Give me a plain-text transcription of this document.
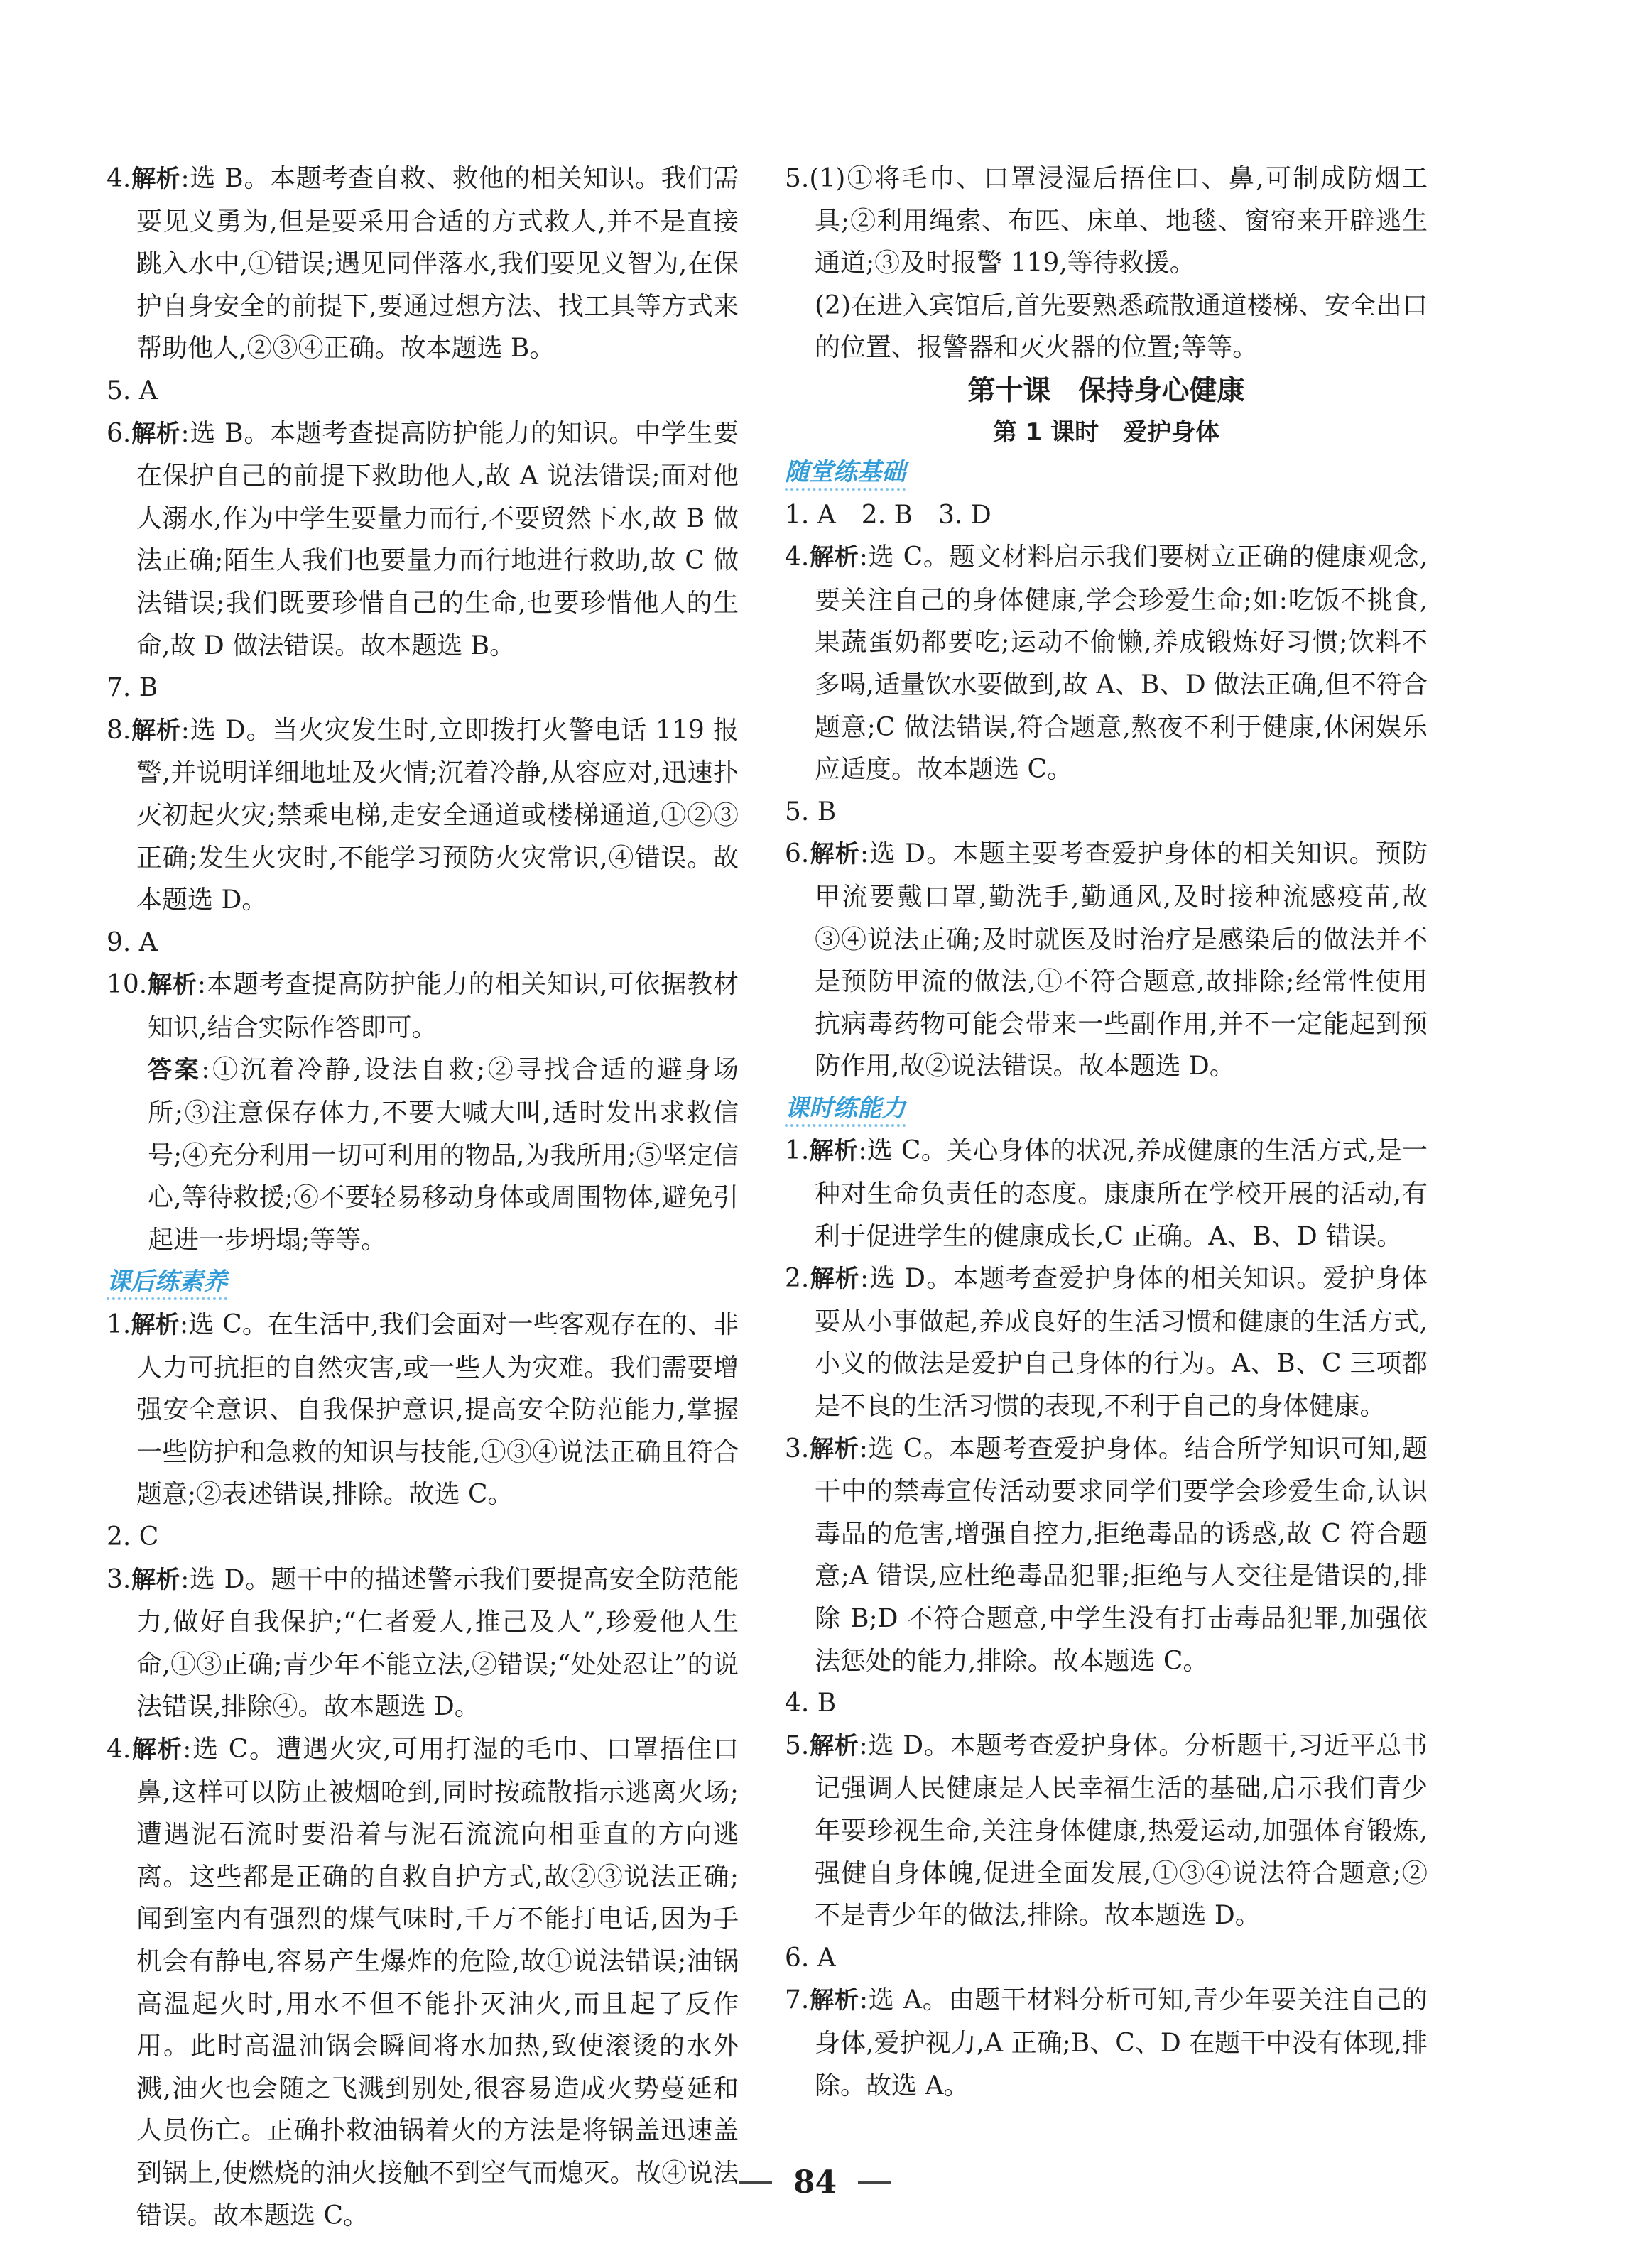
4.解析:选 B。本题考查自救、救他的相关知识。我们需要见义勇为,但是要采用合适的方式救人,并不是直接跳入水中,①错误;遇见同伴落水,我们要见义智为,在保护自身安全的前提下,要通过想方法、找工具等方式来帮助他人,②③④正确。故本题选 B。
5. A
6.解析:选 B。本题考查提高防护能力的知识。中学生要在保护自己的前提下救助他人,故 A 说法错误;面对他人溺水,作为中学生要量力而行,不要贸然下水,故 B 做法正确;陌生人我们也要量力而行地进行救助,故 C 做法错误;我们既要珍惜自己的生命,也要珍惜他人的生命,故 D 做法错误。故本题选 B。
7. B
8.解析:选 D。当火灾发生时,立即拨打火警电话 119 报警,并说明详细地址及火情;沉着冷静,从容应对,迅速扑灭初起火灾;禁乘电梯,走安全通道或楼梯通道,①②③正确;发生火灾时,不能学习预防火灾常识,④错误。故本题选 D。
9. A
10.解析:本题考查提高防护能力的相关知识,可依据教材知识,结合实际作答即可。
答案:①沉着冷静,设法自救;②寻找合适的避身场所;③注意保存体力,不要大喊大叫,适时发出求救信号;④充分利用一切可利用的物品,为我所用;⑤坚定信心,等待救援;⑥不要轻易移动身体或周围物体,避免引起进一步坍塌;等等。
课后练素养
1.解析:选 C。在生活中,我们会面对一些客观存在的、非人力可抗拒的自然灾害,或一些人为灾难。我们需要增强安全意识、自我保护意识,提高安全防范能力,掌握一些防护和急救的知识与技能,①③④说法正确且符合题意;②表述错误,排除。故选 C。
2. C
3.解析:选 D。题干中的描述警示我们要提高安全防范能力,做好自我保护;“仁者爱人,推己及人”,珍爱他人生命,①③正确;青少年不能立法,②错误;“处处忍让”的说法错误,排除④。故本题选 D。
4.解析:选 C。遭遇火灾,可用打湿的毛巾、口罩捂住口鼻,这样可以防止被烟呛到,同时按疏散指示逃离火场;遭遇泥石流时要沿着与泥石流流向相垂直的方向逃离。这些都是正确的自救自护方式,故②③说法正确;闻到室内有强烈的煤气味时,千万不能打电话,因为手机会有静电,容易产生爆炸的危险,故①说法错误;油锅高温起火时,用水不但不能扑灭油火,而且起了反作用。此时高温油锅会瞬间将水加热,致使滚烫的水外溅,油火也会随之飞溅到别处,很容易造成火势蔓延和人员伤亡。正确扑救油锅着火的方法是将锅盖迅速盖到锅上,使燃烧的油火接触不到空气而熄灭。故④说法错误。故本题选 C。
5.(1)①将毛巾、口罩浸湿后捂住口、鼻,可制成防烟工具;②利用绳索、布匹、床单、地毯、窗帘来开辟逃生通道;③及时报警 119,等待救援。
(2)在进入宾馆后,首先要熟悉疏散通道楼梯、安全出口的位置、报警器和灭火器的位置;等等。
第十课　保持身心健康
第 1 课时　爱护身体
随堂练基础
1. A　2. B　3. D
4.解析:选 C。题文材料启示我们要树立正确的健康观念,要关注自己的身体健康,学会珍爱生命;如:吃饭不挑食,果蔬蛋奶都要吃;运动不偷懒,养成锻炼好习惯;饮料不多喝,适量饮水要做到,故 A、B、D 做法正确,但不符合题意;C 做法错误,符合题意,熬夜不利于健康,休闲娱乐应适度。故本题选 C。
5. B
6.解析:选 D。本题主要考查爱护身体的相关知识。预防甲流要戴口罩,勤洗手,勤通风,及时接种流感疫苗,故③④说法正确;及时就医及时治疗是感染后的做法并不是预防甲流的做法,①不符合题意,故排除;经常性使用抗病毒药物可能会带来一些副作用,并不一定能起到预防作用,故②说法错误。故本题选 D。
课时练能力
1.解析:选 C。关心身体的状况,养成健康的生活方式,是一种对生命负责任的态度。康康所在学校开展的活动,有利于促进学生的健康成长,C 正确。A、B、D 错误。
2.解析:选 D。本题考查爱护身体的相关知识。爱护身体要从小事做起,养成良好的生活习惯和健康的生活方式,小义的做法是爱护自己身体的行为。A、B、C 三项都是不良的生活习惯的表现,不利于自己的身体健康。
3.解析:选 C。本题考查爱护身体。结合所学知识可知,题干中的禁毒宣传活动要求同学们要学会珍爱生命,认识毒品的危害,增强自控力,拒绝毒品的诱惑,故 C 符合题意;A 错误,应杜绝毒品犯罪;拒绝与人交往是错误的,排除 B;D 不符合题意,中学生没有打击毒品犯罪,加强依法惩处的能力,排除。故本题选 C。
4. B
5.解析:选 D。本题考查爱护身体。分析题干,习近平总书记强调人民健康是人民幸福生活的基础,启示我们青少年要珍视生命,关注身体健康,热爱运动,加强体育锻炼,强健自身体魄,促进全面发展,①③④说法符合题意;②不是青少年的做法,排除。故本题选 D。
6. A
7.解析:选 A。由题干材料分析可知,青少年要关注自己的身体,爱护视力,A 正确;B、C、D 在题干中没有体现,排除。故选 A。
84
